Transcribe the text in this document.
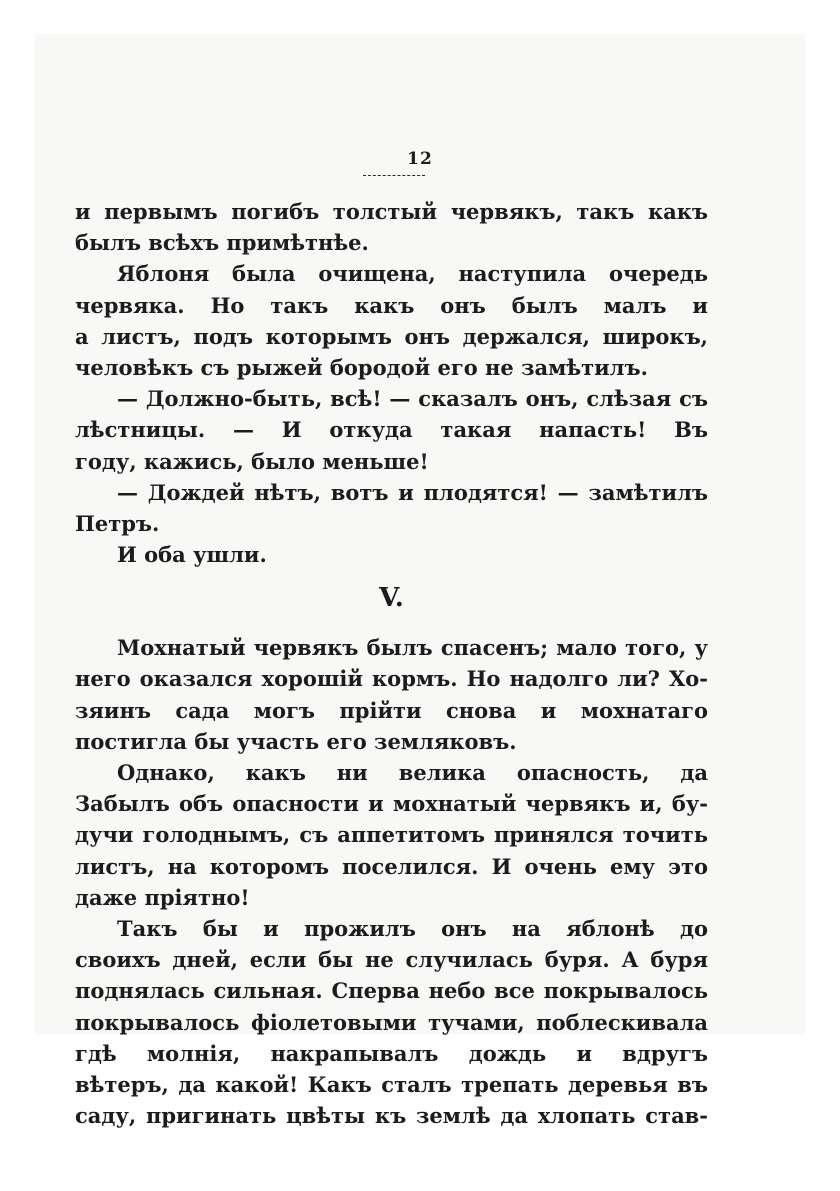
12
и первымъ погибъ толстый червякъ, такъ какъ
былъ всѣхъ примѣтнѣе.
Яблоня была очищена, наступила очередь
червяка. Но такъ какъ онъ былъ малъ и
а листъ, подъ которымъ онъ держался, широкъ,
человѣкъ съ рыжей бородой его не замѣтилъ.
— Должно-быть, всѣ! — сказалъ онъ, слѣзая съ
лѣстницы. — И откуда такая напасть! Въ
году, кажись, было меньше!
— Дождей нѣтъ, вотъ и плодятся! — замѣтилъ
Петръ.
И оба ушли.
V.
Мохнатый червякъ былъ спасенъ; мало того, у
него оказался хорошій кормъ. Но надолго ли? Хо-
зяинъ сада могъ прійти снова и мохнатаго
постигла бы участь его земляковъ.
Однако, какъ ни велика опасность, да
Забылъ объ опасности и мохнатый червякъ и, бу-
дучи голоднымъ, съ аппетитомъ принялся точить
листъ, на которомъ поселился. И очень ему это
даже пріятно!
Такъ бы и прожилъ онъ на яблонѣ до
своихъ дней, если бы не случилась буря. А буря
поднялась сильная. Сперва небо все покрывалось
покрывалось фіолетовыми тучами, поблескивала
гдѣ молнія, накрапывалъ дождь и вдругъ
вѣтеръ, да какой! Какъ сталъ трепать деревья въ
саду, пригинать цвѣты къ землѣ да хлопать став-
